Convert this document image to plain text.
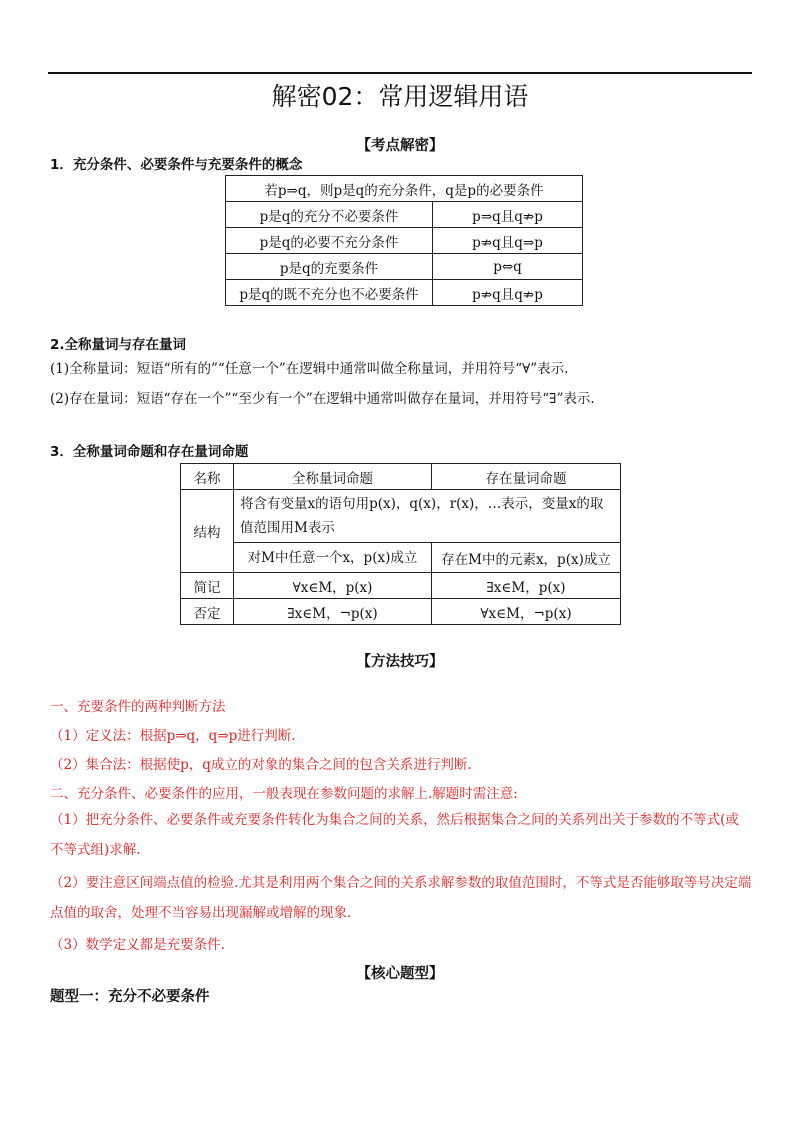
解密02：常用逻辑用语
【考点解密】
1．充分条件、必要条件与充要条件的概念
若p⇒q，则p是q的充分条件，q是p的必要条件	
p是q的充分不必要条件	p⇒q且q⇏p
p是q的必要不充分条件	p⇏q且q⇒p
p是q的充要条件	p⇔q
p是q的既不充分也不必要条件	p⇏q且q⇏p
2.全称量词与存在量词
(1)全称量词：短语“所有的”“任意一个”在逻辑中通常叫做全称量词，并用符号“∀”表示.
(2)存在量词：短语“存在一个”“至少有一个”在逻辑中通常叫做存在量词，并用符号“∃”表示.
3．全称量词命题和存在量词命题
名称	全称量词命题	存在量词命题
结构	将含有变量x的语句用p(x)，q(x)，r(x)，…表示，变量x的取值范围用M表示	
	对M中任意一个x，p(x)成立	存在M中的元素x，p(x)成立
简记	∀x∈M，p(x)	∃x∈M，p(x)
否定	∃x∈M，¬p(x)	∀x∈M，¬p(x)
【方法技巧】
一、充要条件的两种判断方法
（1）定义法：根据p⇒q，q⇒p进行判断.
（2）集合法：根据使p，q成立的对象的集合之间的包含关系进行判断.
二、充分条件、必要条件的应用，一般表现在参数问题的求解上.解题时需注意:
（1）把充分条件、必要条件或充要条件转化为集合之间的关系，然后根据集合之间的关系列出关于参数的不等式(或不等式组)求解.
（2）要注意区间端点值的检验.尤其是利用两个集合之间的关系求解参数的取值范围时，不等式是否能够取等号决定端点值的取舍，处理不当容易出现漏解或增解的现象.
（3）数学定义都是充要条件.
【核心题型】
题型一：充分不必要条件
